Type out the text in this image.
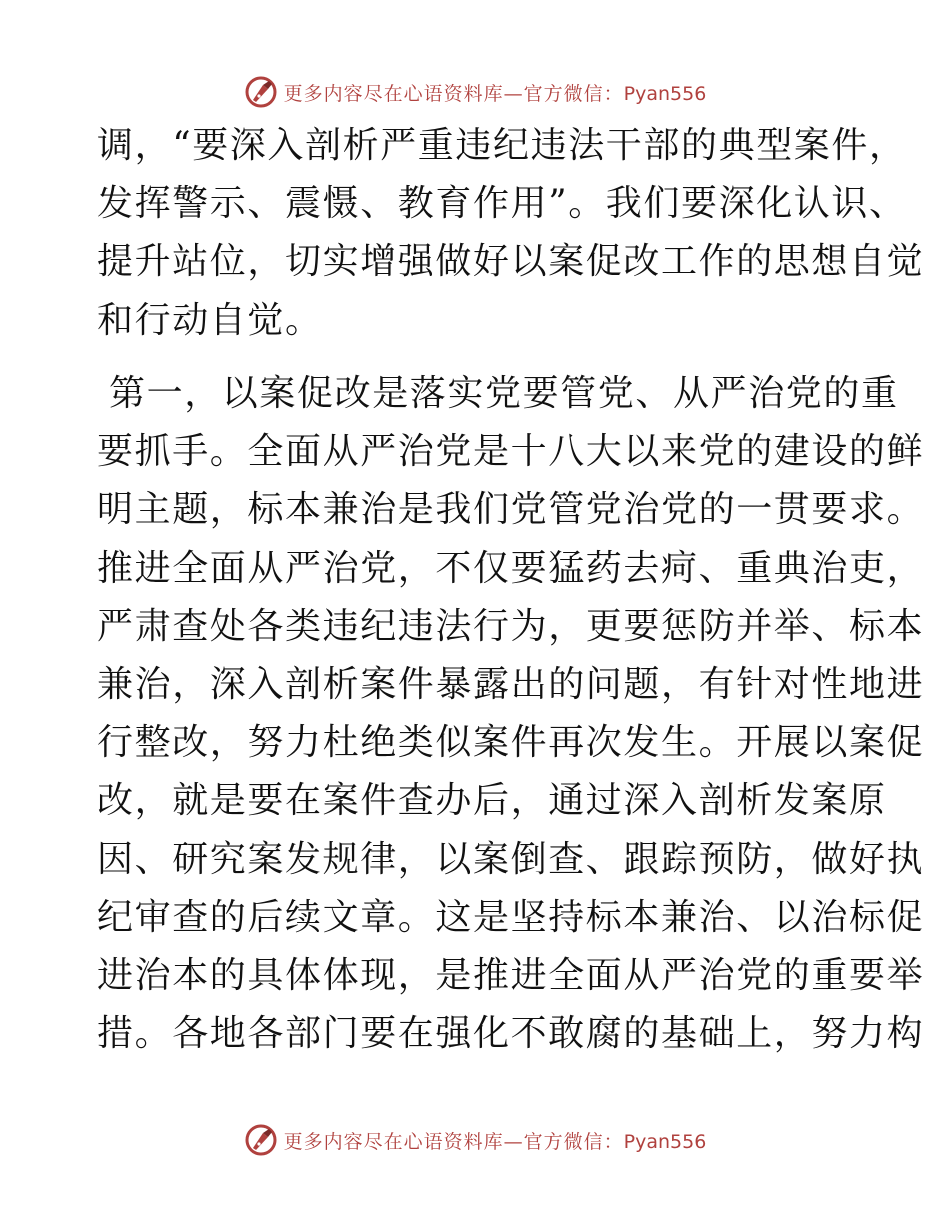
更多内容尽在心语资料库—官方微信：Pyan556
调，“要深入剖析严重违纪违法干部的典型案件，
发挥警示、震慑、教育作用”。我们要深化认识、
提升站位，切实增强做好以案促改工作的思想自觉
和行动自觉。
第一，以案促改是落实党要管党、从严治党的重
要抓手。全面从严治党是十八大以来党的建设的鲜
明主题，标本兼治是我们党管党治党的一贯要求。
推进全面从严治党，不仅要猛药去疴、重典治吏，
严肃查处各类违纪违法行为，更要惩防并举、标本
兼治，深入剖析案件暴露出的问题，有针对性地进
行整改，努力杜绝类似案件再次发生。开展以案促
改，就是要在案件查办后，通过深入剖析发案原
因、研究案发规律，以案倒查、跟踪预防，做好执
纪审查的后续文章。这是坚持标本兼治、以治标促
进治本的具体体现，是推进全面从严治党的重要举
措。各地各部门要在强化不敢腐的基础上，努力构
更多内容尽在心语资料库—官方微信：Pyan556
